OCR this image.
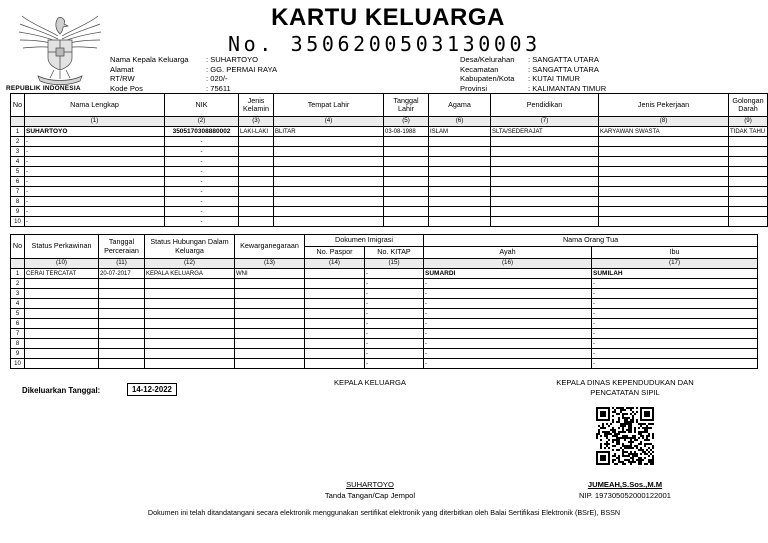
REPUBLIK INDONESIA
KARTU KELUARGA
No. 3506200503130003
Nama Kepala Keluarga	: SUHARTOYO
Alamat	: GG. PERMAI RAYA
RT/RW	: 020/-
Kode Pos	: 75611
Desa/Kelurahan	: SANGATTA UTARA
Kecamatan	: SANGATTA UTARA
Kabupaten/Kota	: KUTAI TIMUR
Provinsi	: KALIMANTAN TIMUR
No	Nama Lengkap	NIK	Jenis Kelamin	Tempat Lahir	Tanggal Lahir	Agama	Pendidikan	Jenis Pekerjaan	Golongan Darah
	(1)	(2)	(3)	(4)	(5)	(6)	(7)	(8)	(9)
1	SUHARTOYO	3505170308880002	LAKI-LAKI	BLITAR	03-08-1988	ISLAM	SLTA/SEDERAJAT	KARYAWAN SWASTA	TIDAK TAHU
2	-	-							
3	-	-							
4	-	-							
5	-	-							
6	-	-							
7	-	-							
8	-	-							
9	-	-							
10	-	-							
No	Status Perkawinan	Tanggal Perceraian	Status Hubungan Dalam Keluarga	Kewarganegaraan	Dokumen Imigrasi		Nama Orang Tua	
					No. Paspor	No. KITAP	Ayah	Ibu
	(10)	(11)	(12)	(13)	(14)	(15)	(16)	(17)
1	CERAI TERCATAT	20-07-2017	KEPALA KELUARGA	WNI		-	SUMARDI	SUMILAH
2						-	-	-
3						-	-	-
4						-	-	-
5						-	-	-
6						-	-	-
7						-	-	-
8						-	-	-
9						-	-	-
10						-	-	-
Dikeluarkan Tanggal:	14-12-2022
KEPALA KELUARGA	KEPALA DINAS KEPENDUDUKAN DAN
PENCATATAN SIPIL
SUHARTOYO
Tanda Tangan/Cap Jempol
JUMEAH,S.Sos.,M.M
NIP. 197305052000122001
Dokumen ini telah ditandatangani secara elektronik menggunakan sertifikat elektronik yang diterbitkan oleh Balai Sertifikasi Elektronik (BSrE), BSSN
